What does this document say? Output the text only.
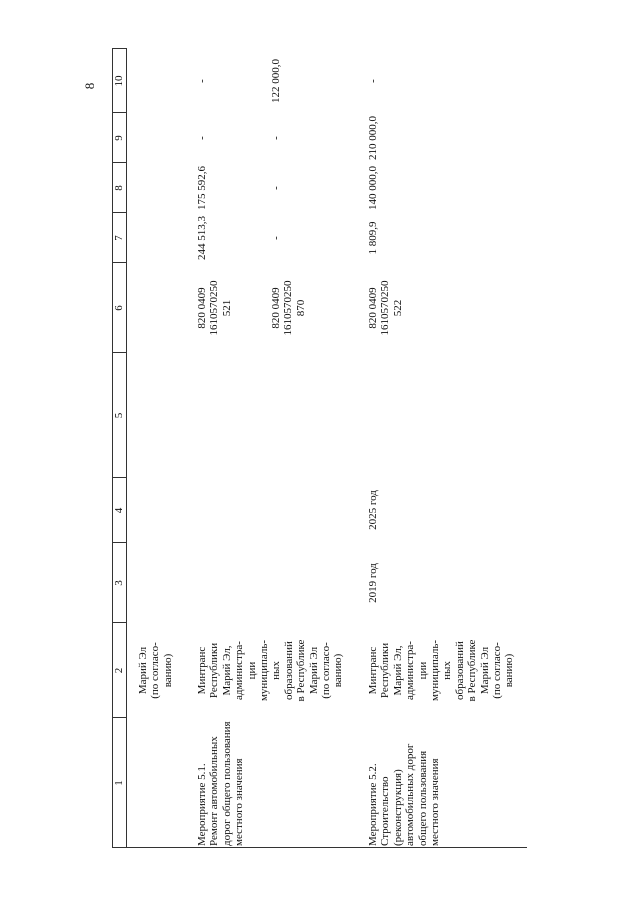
8
1
2
3
4
5
6
7
8
9
10
Марий Эл (по согласо- ванию)
Мероприятие 5.1. Ремонт автомобильных дорог общего пользования местного значения
Минтранс Республики Марий Эл, администра- ции муниципаль- ных образований в Республике Марий Эл (по согласо- ванию)
820 0409 1610570250 521
244 513,3
175 592,6
-
-
820 0409 1610570250 870
-
-
-
122 000,0
Мероприятие 5.2. Строительство (реконструкция) автомобильных дорог общего пользования местного значения
Минтранс Республики Марий Эл, администра- ции муниципаль- ных образований в Республике Марий Эл (по согласо- ванию)
2019 год
2025 год
820 0409 1610570250 522
1 809,9
140 000,0
210 000,0
-
